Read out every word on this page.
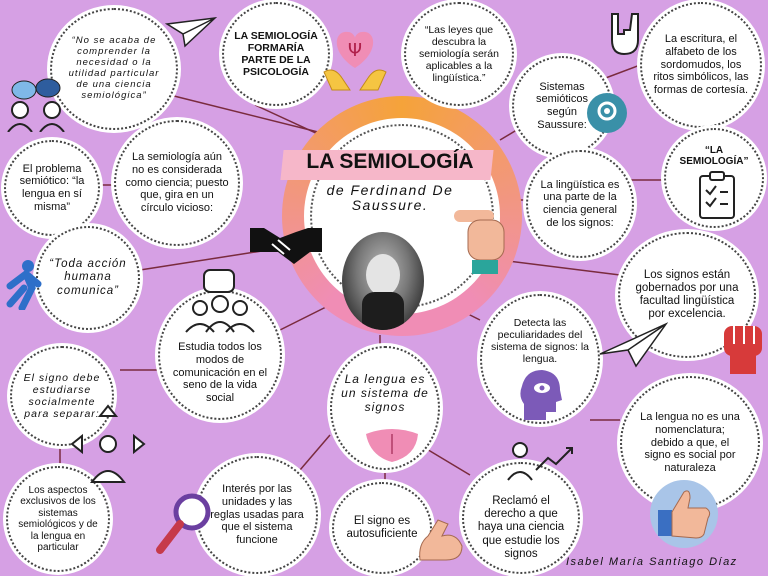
LA SEMIOLOGÍA
de Ferdinand De Saussure.
“No se acaba de comprender la necesidad o la utilidad particular de una ciencia semiológica”
LA SEMIOLOGÍA FORMARÍA PARTE DE LA PSICOLOGÍA
“Las leyes que descubra la semiología serán aplicables a la lingüística.”
La escritura, el alfabeto de los sordomudos, los ritos simbólicos, las formas de cortesía.
Sistemas semióticos según Saussure:
La semiología aún no es considerada como ciencia; puesto que, gira en un círculo vicioso:
El problema semiótico: “la lengua en sí misma”
“LA SEMIOLOGÍA”
La lingüística es una parte de la ciencia general de los signos:
“Toda acción humana comunica”
Los signos están gobernados por una facultad lingüística por excelencia.
Estudia todos los modos de comunicación en el seno de la vida social
Detecta las peculiaridades del sistema de signos: la lengua.
El signo debe estudiarse socialmente para separar:
La lengua es un sistema de signos
La lengua no es una nomenclatura; debido a que, el signo es social por naturaleza
Los aspectos exclusivos de los sistemas semiológicos y de la lengua en particular
Interés por las unidades y las reglas usadas para que el sistema funcione
El signo es autosuficiente
Reclamó el derecho a que haya una ciencia que estudie los signos
Ψ
Isabel María Santiago Díaz
